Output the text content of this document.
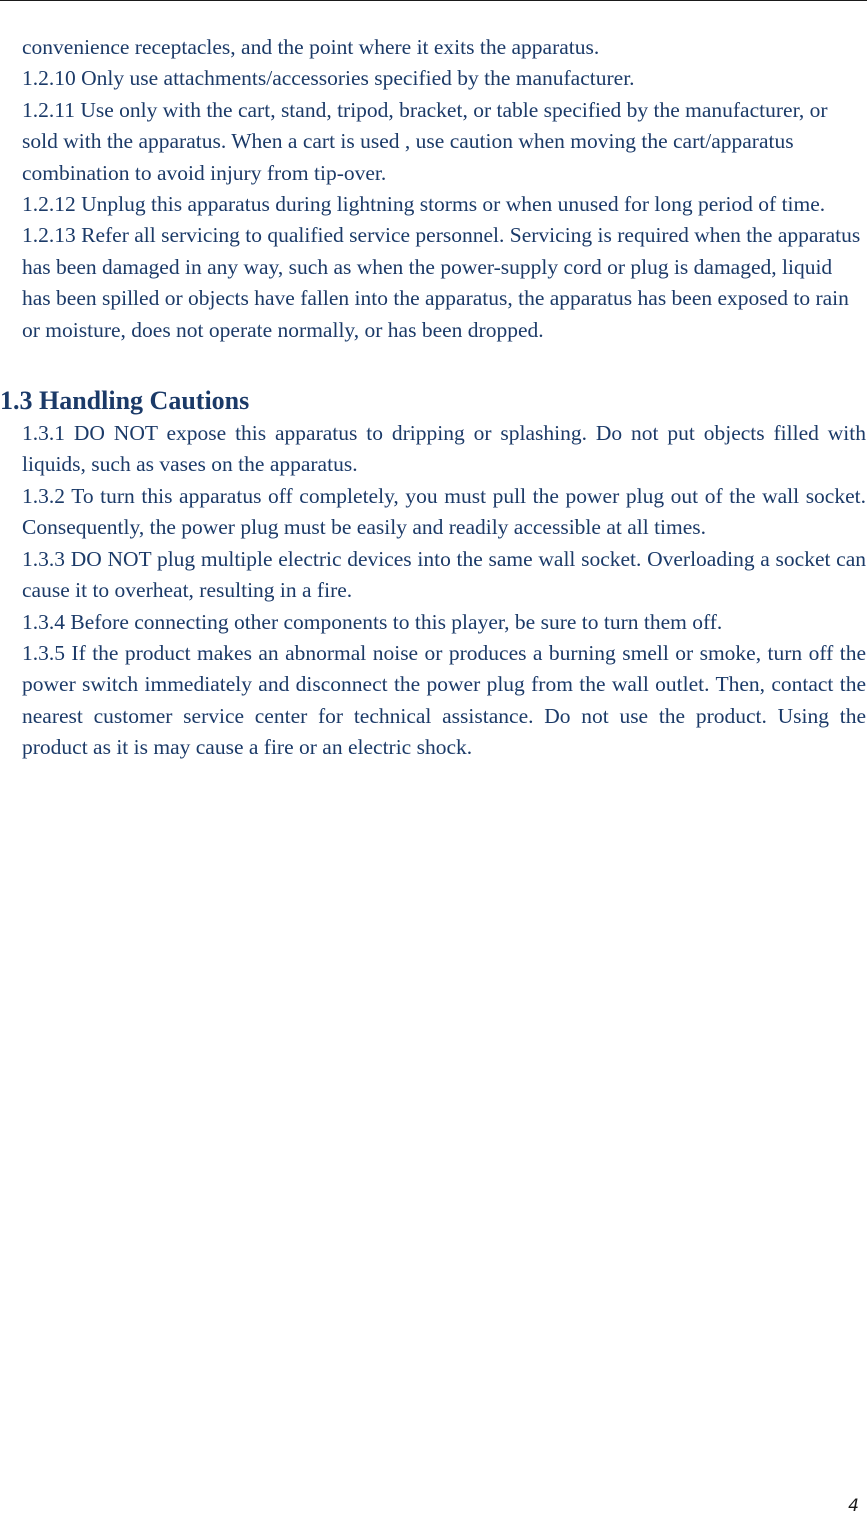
convenience receptacles, and the point where it exits the apparatus.

1.2.10 Only use attachments/accessories specified by the manufacturer.

1.2.11 Use only with the cart, stand, tripod, bracket, or table specified by the manufacturer, or sold with the apparatus. When a cart is used , use caution when moving the cart/apparatus combination to avoid injury from tip-over.

1.2.12 Unplug this apparatus during lightning storms or when unused for long period of time.

1.2.13 Refer all servicing to qualified service personnel. Servicing is required when the apparatus has been damaged in any way, such as when the power-supply cord or plug is damaged, liquid has been spilled or objects have fallen into the apparatus, the apparatus has been exposed to rain or moisture, does not operate normally, or has been dropped.

1.3 Handling Cautions

1.3.1 DO NOT expose this apparatus to dripping or splashing. Do not put objects filled with liquids, such as vases on the apparatus.

1.3.2 To turn this apparatus off completely, you must pull the power plug out of the wall socket. Consequently, the power plug must be easily and readily accessible at all times.

1.3.3 DO NOT plug multiple electric devices into the same wall socket. Overloading a socket can cause it to overheat, resulting in a fire.

1.3.4 Before connecting other components to this player, be sure to turn them off.

1.3.5 If the product makes an abnormal noise or produces a burning smell or smoke, turn off the power switch immediately and disconnect the power plug from the wall outlet. Then, contact the nearest customer service center for technical assistance. Do not use the product. Using the product as it is may cause a fire or an electric shock.

4
